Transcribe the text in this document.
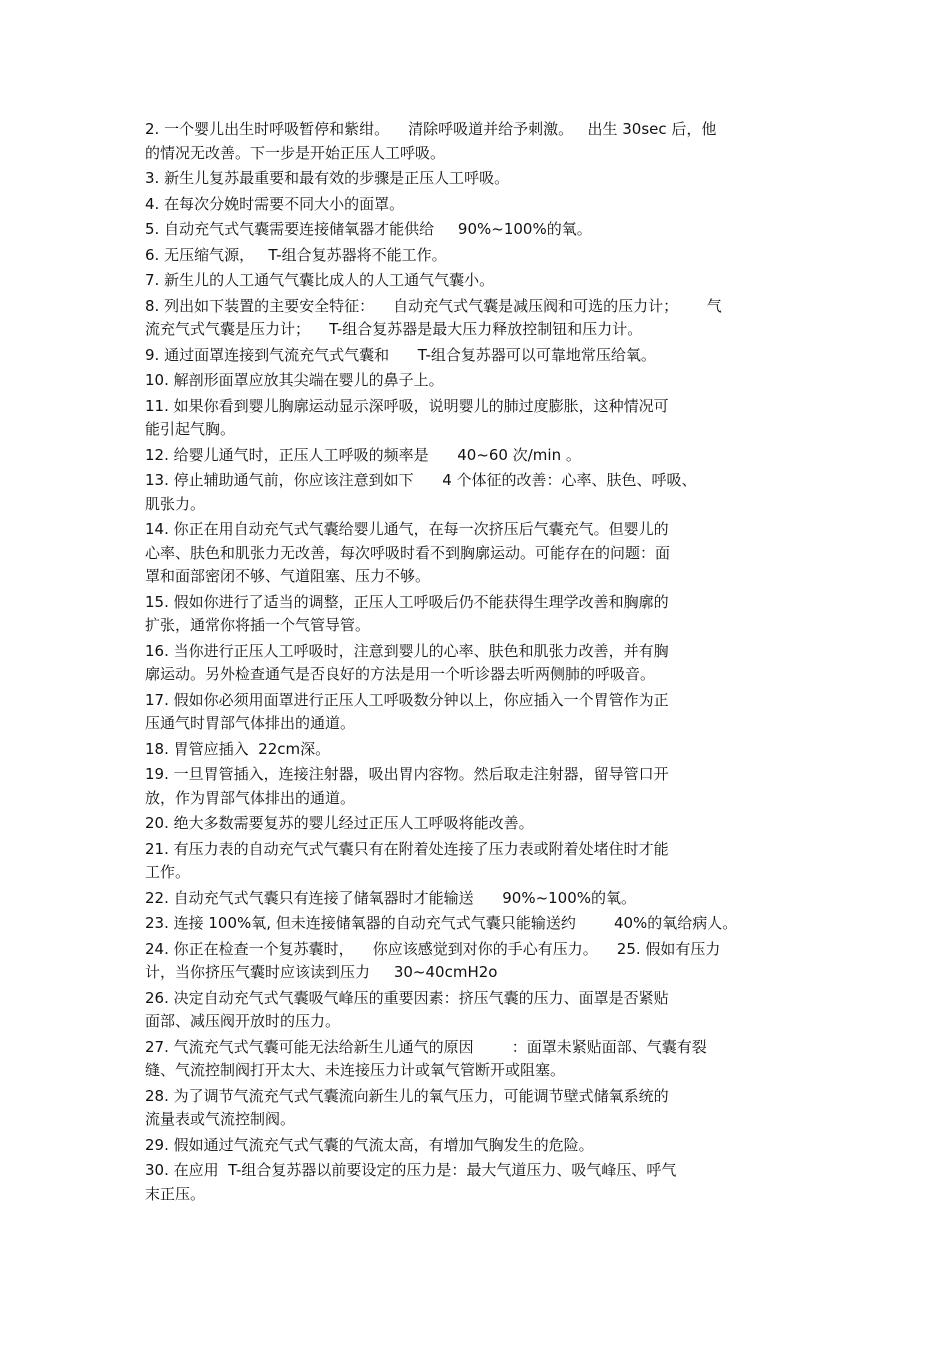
2. 一个婴儿出生时呼吸暂停和紫绀。    清除呼吸道并给予刺激。   出生 30sec 后，他
的情况无改善。下一步是开始正压人工呼吸。
3. 新生儿复苏最重要和最有效的步骤是正压人工呼吸。
4. 在每次分娩时需要不同大小的面罩。
5. 自动充气式气囊需要连接储氧器才能供给     90%~100%的氧。
6. 无压缩气源，   T-组合复苏器将不能工作。
7. 新生儿的人工通气气囊比成人的人工通气气囊小。
8. 列出如下装置的主要安全特征：    自动充气式气囊是减压阀和可选的压力计；      气
流充气式气囊是压力计；    T-组合复苏器是最大压力释放控制钮和压力计。
9. 通过面罩连接到气流充气式气囊和      T-组合复苏器可以可靠地常压给氧。
10. 解剖形面罩应放其尖端在婴儿的鼻子上。
11. 如果你看到婴儿胸廓运动显示深呼吸，说明婴儿的肺过度膨胀，这种情况可
能引起气胸。
12. 给婴儿通气时，正压人工呼吸的频率是      40~60 次/min 。
13. 停止辅助通气前，你应该注意到如下      4 个体征的改善：心率、肤色、呼吸、
肌张力。
14. 你正在用自动充气式气囊给婴儿通气，在每一次挤压后气囊充气。但婴儿的
心率、肤色和肌张力无改善，每次呼吸时看不到胸廓运动。可能存在的问题：面
罩和面部密闭不够、气道阻塞、压力不够。
15. 假如你进行了适当的调整，正压人工呼吸后仍不能获得生理学改善和胸廓的
扩张，通常你将插一个气管导管。
16. 当你进行正压人工呼吸时，注意到婴儿的心率、肤色和肌张力改善，并有胸
廓运动。另外检查通气是否良好的方法是用一个听诊器去听两侧肺的呼吸音。
17. 假如你必须用面罩进行正压人工呼吸数分钟以上，你应插入一个胃管作为正
压通气时胃部气体排出的通道。
18. 胃管应插入  22cm深。
19. 一旦胃管插入，连接注射器，吸出胃内容物。然后取走注射器，留导管口开
放，作为胃部气体排出的通道。
20. 绝大多数需要复苏的婴儿经过正压人工呼吸将能改善。
21. 有压力表的自动充气式气囊只有在附着处连接了压力表或附着处堵住时才能
工作。
22. 自动充气式气囊只有连接了储氧器时才能输送      90%~100%的氧。
23. 连接 100%氧, 但未连接储氧器的自动充气式气囊只能输送约        40%的氧给病人。
24. 你正在检查一个复苏囊时，    你应该感觉到对你的手心有压力。    25. 假如有压力
计，当你挤压气囊时应该读到压力     30~40cmH2o
26. 决定自动充气式气囊吸气峰压的重要因素：挤压气囊的压力、面罩是否紧贴
面部、减压阀开放时的压力。
27. 气流充气式气囊可能无法给新生儿通气的原因        ：面罩未紧贴面部、气囊有裂
缝、气流控制阀打开太大、未连接压力计或氧气管断开或阻塞。
28. 为了调节气流充气式气囊流向新生儿的氧气压力，可能调节壁式储氧系统的
流量表或气流控制阀。
29. 假如通过气流充气式气囊的气流太高，有增加气胸发生的危险。
30. 在应用  T-组合复苏器以前要设定的压力是：最大气道压力、吸气峰压、呼气
末正压。
